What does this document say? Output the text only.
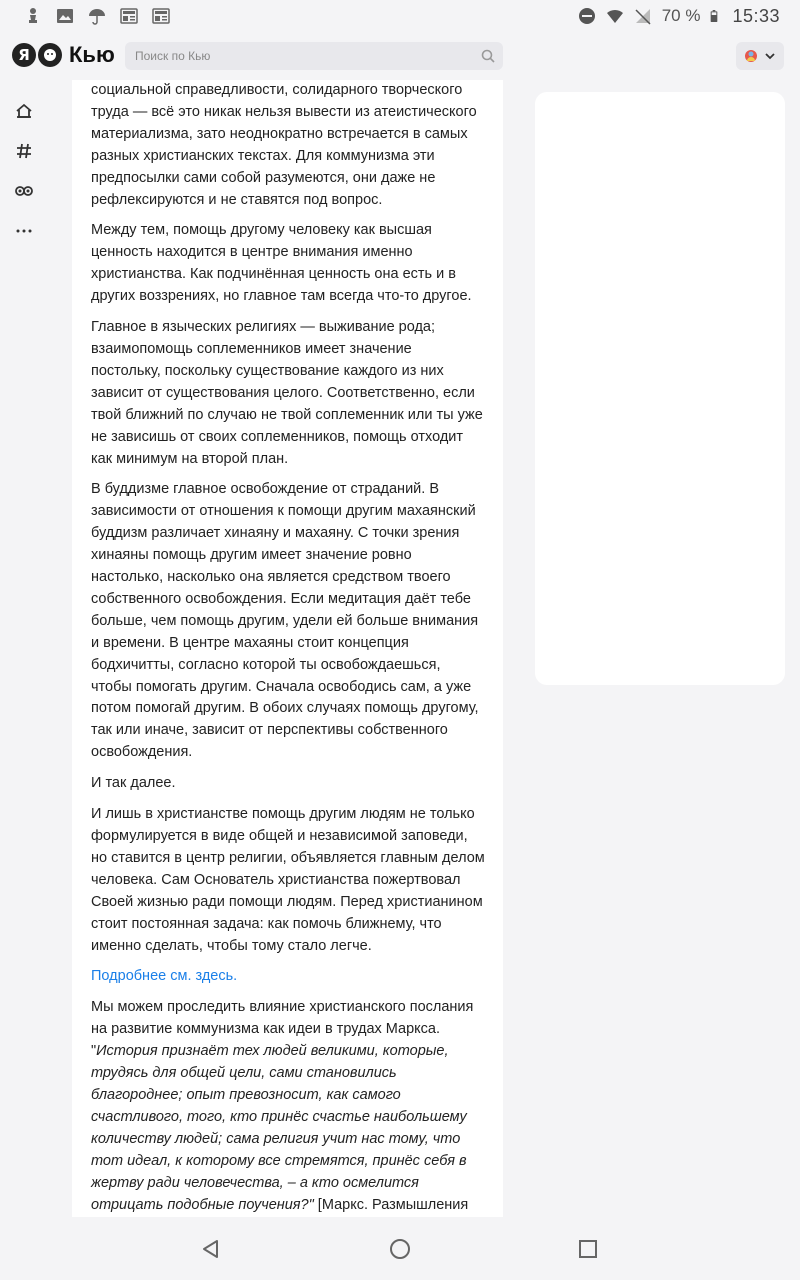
70 % 15:33
Я Кью Поиск по Кью

социальной справедливости, солидарного творческого труда — всё это никак нельзя вывести из атеистического материализма, зато неоднократно встречается в самых разных христианских текстах. Для коммунизма эти предпосылки сами собой разумеются, они даже не рефлексируются и не ставятся под вопрос.

Между тем, помощь другому человеку как высшая ценность находится в центре внимания именно христианства. Как подчинённая ценность она есть и в других воззрениях, но главное там всегда что-то другое.

Главное в языческих религиях — выживание рода; взаимопомощь соплеменников имеет значение постольку, поскольку существование каждого из них зависит от существования целого. Соответственно, если твой ближний по случаю не твой соплеменник или ты уже не зависишь от своих соплеменников, помощь отходит как минимум на второй план.

В буддизме главное освобождение от страданий. В зависимости от отношения к помощи другим махаянский буддизм различает хинаяну и махаяну. С точки зрения хинаяны помощь другим имеет значение ровно настолько, насколько она является средством твоего собственного освобождения. Если медитация даёт тебе больше, чем помощь другим, удели ей больше внимания и времени. В центре махаяны стоит концепция бодхичитты, согласно которой ты освобождаешься, чтобы помогать другим. Сначала освободись сам, а уже потом помогай другим. В обоих случаях помощь другому, так или иначе, зависит от перспективы собственного освобождения.

И так далее.

И лишь в христианстве помощь другим людям не только формулируется в виде общей и независимой заповеди, но ставится в центр религии, объявляется главным делом человека. Сам Основатель христианства пожертвовал Своей жизнью ради помощи людям. Перед христианином стоит постоянная задача: как помочь ближнему, что именно сделать, чтобы тому стало легче.

Подробнее см. здесь.

Мы можем проследить влияние христианского послания на развитие коммунизма как идеи в трудах Маркса. "История признаёт тех людей великими, которые, трудясь для общей цели, сами становились благороднее; опыт превозносит, как самого счастливого, того, кто принёс счастье наибольшему количеству людей; сама религия учит нас тому, что тот идеал, к которому все стремятся, принёс себя в жертву ради человечества, – а кто осмелится отрицать подобные поучения?" [Маркс. Размышления
